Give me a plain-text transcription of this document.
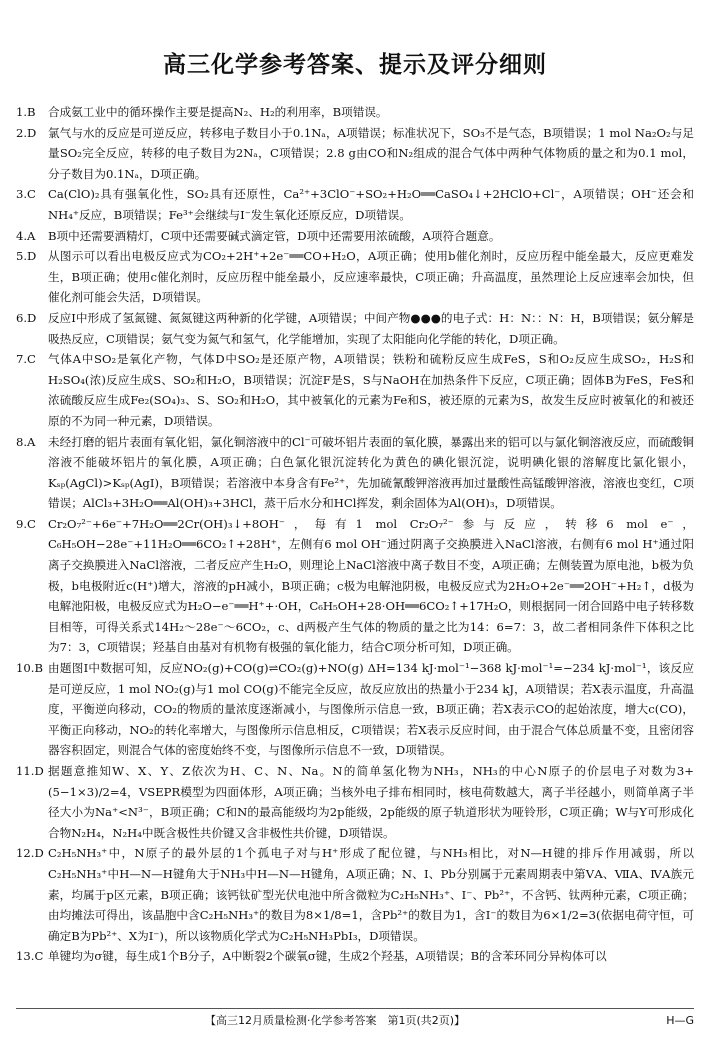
高三化学参考答案、提示及评分细则
1.B	合成氨工业中的循环操作主要是提高N₂、H₂的利用率，B项错误。
2.D	氯气与水的反应是可逆反应，转移电子数目小于0.1Nₐ，A项错误；标准状况下，SO₃不是气态，B项错误；1 mol Na₂O₂与足量SO₂完全反应，转移的电子数目为2Nₐ，C项错误；2.8 g由CO和N₂组成的混合气体中两种气体物质的量之和为0.1 mol，分子数目为0.1Nₐ，D项正确。
3.C	Ca(ClO)₂具有强氧化性，SO₂具有还原性，Ca²⁺+3ClO⁻+SO₂+H₂O══CaSO₄↓+2HClO+Cl⁻，A项错误；OH⁻还会和NH₄⁺反应，B项错误；Fe³⁺会继续与I⁻发生氧化还原反应，D项错误。
4.A	B项中还需要酒精灯，C项中还需要碱式滴定管，D项中还需要用浓硫酸，A项符合题意。
5.D	从图示可以看出电极反应式为CO₂+2H⁺+2e⁻══CO+H₂O，A项正确；使用b催化剂时，反应历程中能垒最大，反应更难发生，B项正确；使用c催化剂时，反应历程中能垒最小，反应速率最快，C项正确；升高温度，虽然理论上反应速率会加快，但催化剂可能会失活，D项错误。
6.D	反应Ⅰ中形成了氢氮键、氮氮键这两种新的化学键，A项错误；中间产物●●●的电子式：H：N：：N：H，B项错误；氨分解是吸热反应，C项错误；氨气变为氮气和氢气，化学能增加，实现了太阳能向化学能的转化，D项正确。
7.C	气体A中SO₂是氧化产物，气体D中SO₂是还原产物，A项错误；铁粉和硫粉反应生成FeS，S和O₂反应生成SO₂，H₂S和H₂SO₄(浓)反应生成S、SO₂和H₂O，B项错误；沉淀F是S，S与NaOH在加热条件下反应，C项正确；固体B为FeS，FeS和浓硫酸反应生成Fe₂(SO₄)₃、S、SO₂和H₂O，其中被氧化的元素为Fe和S，被还原的元素为S，故发生反应时被氧化的和被还原的不为同一种元素，D项错误。
8.A	未经打磨的铝片表面有氧化铝，氯化铜溶液中的Cl⁻可破坏铝片表面的氧化膜，暴露出来的铝可以与氯化铜溶液反应，而硫酸铜溶液不能破坏铝片的氧化膜，A项正确；白色氯化银沉淀转化为黄色的碘化银沉淀，说明碘化银的溶解度比氯化银小，Kₛₚ(AgCl)>Kₛₚ(AgI)，B项错误；若溶液中本身含有Fe²⁺，先加硫氰酸钾溶液再加过量酸性高锰酸钾溶液，溶液也变红，C项错误；AlCl₃+3H₂O══Al(OH)₃+3HCl，蒸干后水分和HCl挥发，剩余固体为Al(OH)₃，D项错误。
9.C	Cr₂O₇²⁻+6e⁻+7H₂O══2Cr(OH)₃↓+8OH⁻，每有1 mol Cr₂O₇²⁻参与反应，转移6 mol e⁻，C₆H₅OH−28e⁻+11H₂O══6CO₂↑+28H⁺，左侧有6 mol OH⁻通过阴离子交换膜进入NaCl溶液，右侧有6 mol H⁺通过阳离子交换膜进入NaCl溶液，二者反应产生H₂O，则理论上NaCl溶液中离子数目不变，A项正确；左侧装置为原电池，b极为负极，b电极附近c(H⁺)增大，溶液的pH减小，B项正确；c极为电解池阴极，电极反应式为2H₂O+2e⁻══2OH⁻+H₂↑，d极为电解池阳极，电极反应式为H₂O−e⁻══H⁺+·OH，C₆H₅OH+28·OH══6CO₂↑+17H₂O，则根据同一闭合回路中电子转移数目相等，可得关系式14H₂～28e⁻～6CO₂，c、d两极产生气体的物质的量之比为14：6=7：3，故二者相同条件下体积之比为7：3，C项错误；羟基自由基对有机物有极强的氧化能力，结合C项分析可知，D项正确。
10.B 由题图Ⅰ中数据可知，反应NO₂(g)+CO(g)⇌CO₂(g)+NO(g) ΔH=134 kJ·mol⁻¹−368 kJ·mol⁻¹=−234 kJ·mol⁻¹，该反应是可逆反应，1 mol NO₂(g)与1 mol CO(g)不能完全反应，故反应放出的热量小于234 kJ，A项错误；若X表示温度，升高温度，平衡逆向移动，CO₂的物质的量浓度逐渐减小，与图像所示信息一致，B项正确；若X表示CO的起始浓度，增大c(CO)，平衡正向移动，NO₂的转化率增大，与图像所示信息相反，C项错误；若X表示反应时间，由于混合气体总质量不变，且密闭容器容积固定，则混合气体的密度始终不变，与图像所示信息不一致，D项错误。
11.D 据题意推知W、X、Y、Z依次为H、C、N、Na。N的简单氢化物为NH₃，NH₃的中心N原子的价层电子对数为3+(5−1×3)/2=4，VSEPR模型为四面体形，A项正确；当核外电子排布相同时，核电荷数越大，离子半径越小，则简单离子半径大小为Na⁺<N³⁻，B项正确；C和N的最高能级均为2p能级，2p能级的原子轨道形状为哑铃形，C项正确；W与Y可形成化合物N₂H₄，N₂H₄中既含极性共价键又含非极性共价键，D项错误。
12.D C₂H₅NH₃⁺中，N原子的最外层的1个孤电子对与H⁺形成了配位键，与NH₃相比，对N—H键的排斥作用减弱，所以C₂H₅NH₃⁺中H—N—H键角大于NH₃中H—N—H键角，A项正确；N、I、Pb分别属于元素周期表中第ⅤA、ⅦA、ⅣA族元素，均属于p区元素，B项正确；该钙钛矿型光伏电池中所含微粒为C₂H₅NH₃⁺、I⁻、Pb²⁺，不含钙、钛两种元素，C项正确；由均摊法可得出，该晶胞中含C₂H₅NH₃⁺的数目为8×1/8=1，含Pb²⁺的数目为1，含I⁻的数目为6×1/2=3(依据电荷守恒，可确定B为Pb²⁺、X为I⁻)，所以该物质化学式为C₂H₅NH₃PbI₃，D项错误。
13.C 单键均为σ键，每生成1个B分子，A中断裂2个碳氧σ键，生成2个羟基，A项错误；B的含苯环同分异构体可以
【高三12月质量检测·化学参考答案　第1页(共2页)】	H—G
